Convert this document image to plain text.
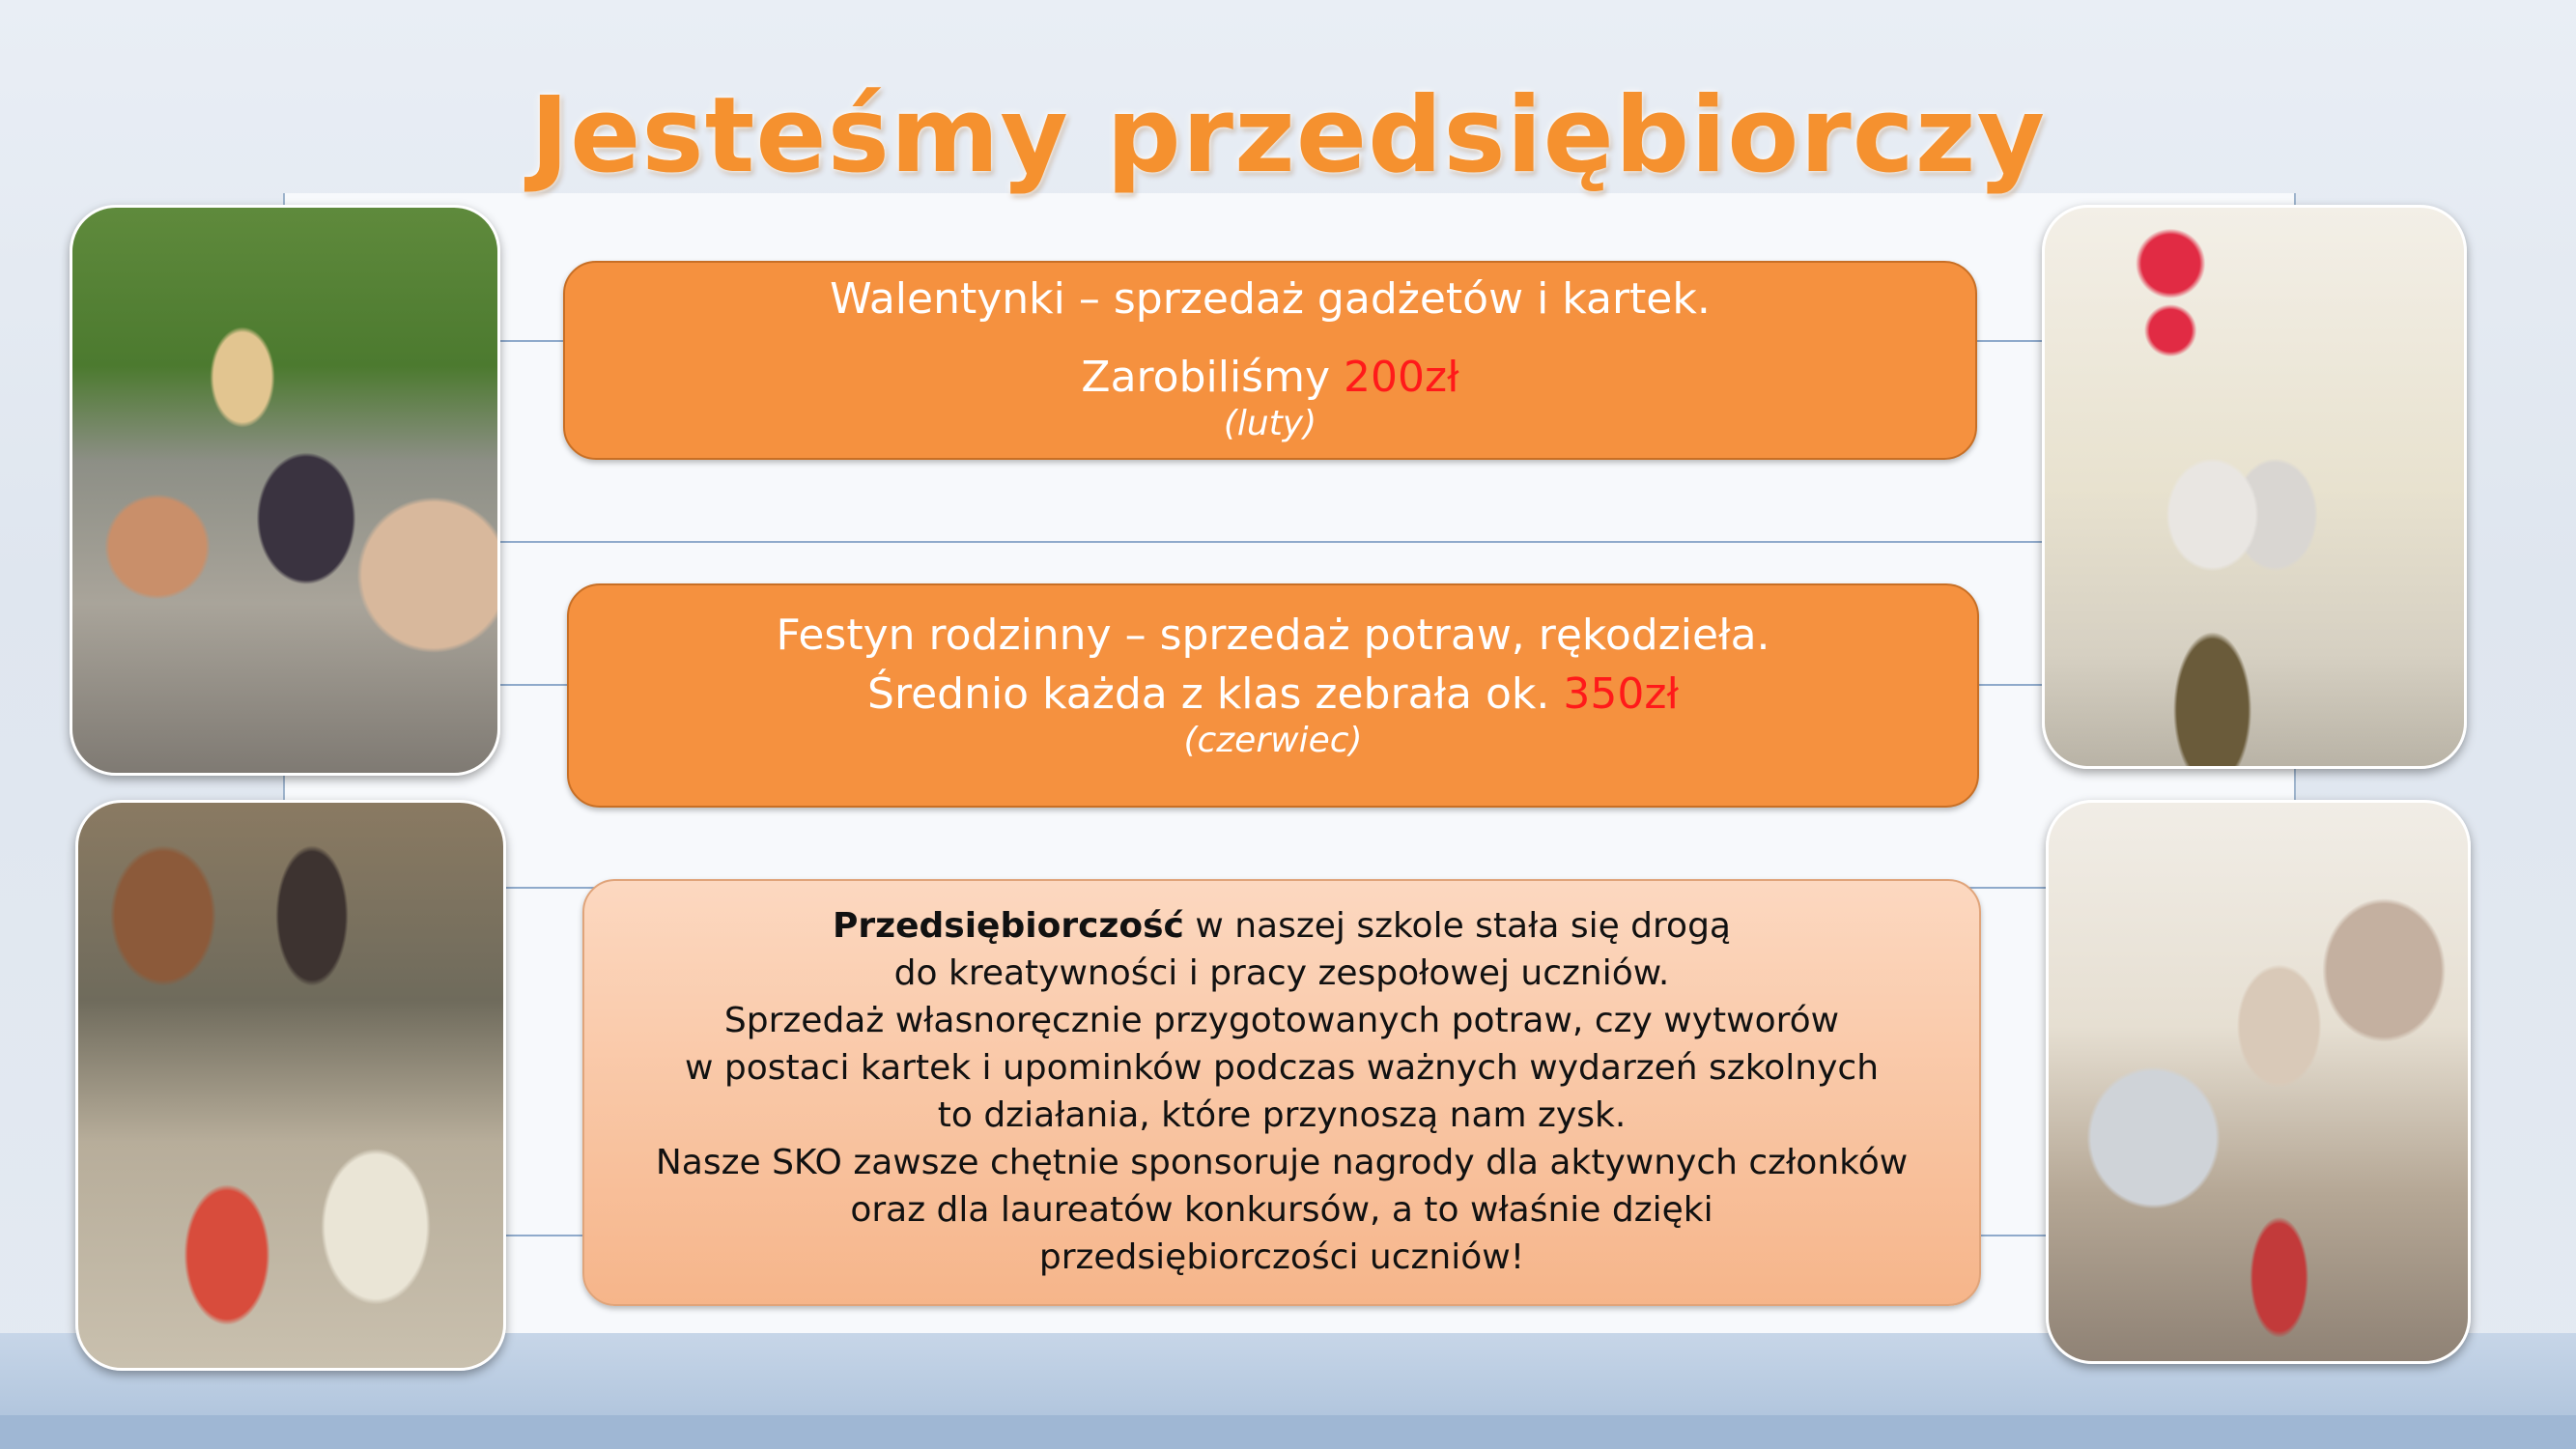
Jesteśmy przedsiębiorczy
Walentynki – sprzedaż gadżetów i kartek.
Zarobiliśmy 200zł
(luty)
Festyn rodzinny – sprzedaż potraw, rękodzieła.
Średnio każda z klas zebrała ok. 350zł
(czerwiec)
Przedsiębiorczość w naszej szkole stała się drogą
do kreatywności i pracy zespołowej uczniów.
Sprzedaż własnoręcznie przygotowanych potraw, czy wytworów
w postaci kartek i upominków podczas ważnych wydarzeń szkolnych
to działania, które przynoszą nam zysk.
Nasze SKO zawsze chętnie sponsoruje nagrody dla aktywnych członków
oraz dla laureatów konkursów, a to właśnie dzięki
przedsiębiorczości uczniów!
